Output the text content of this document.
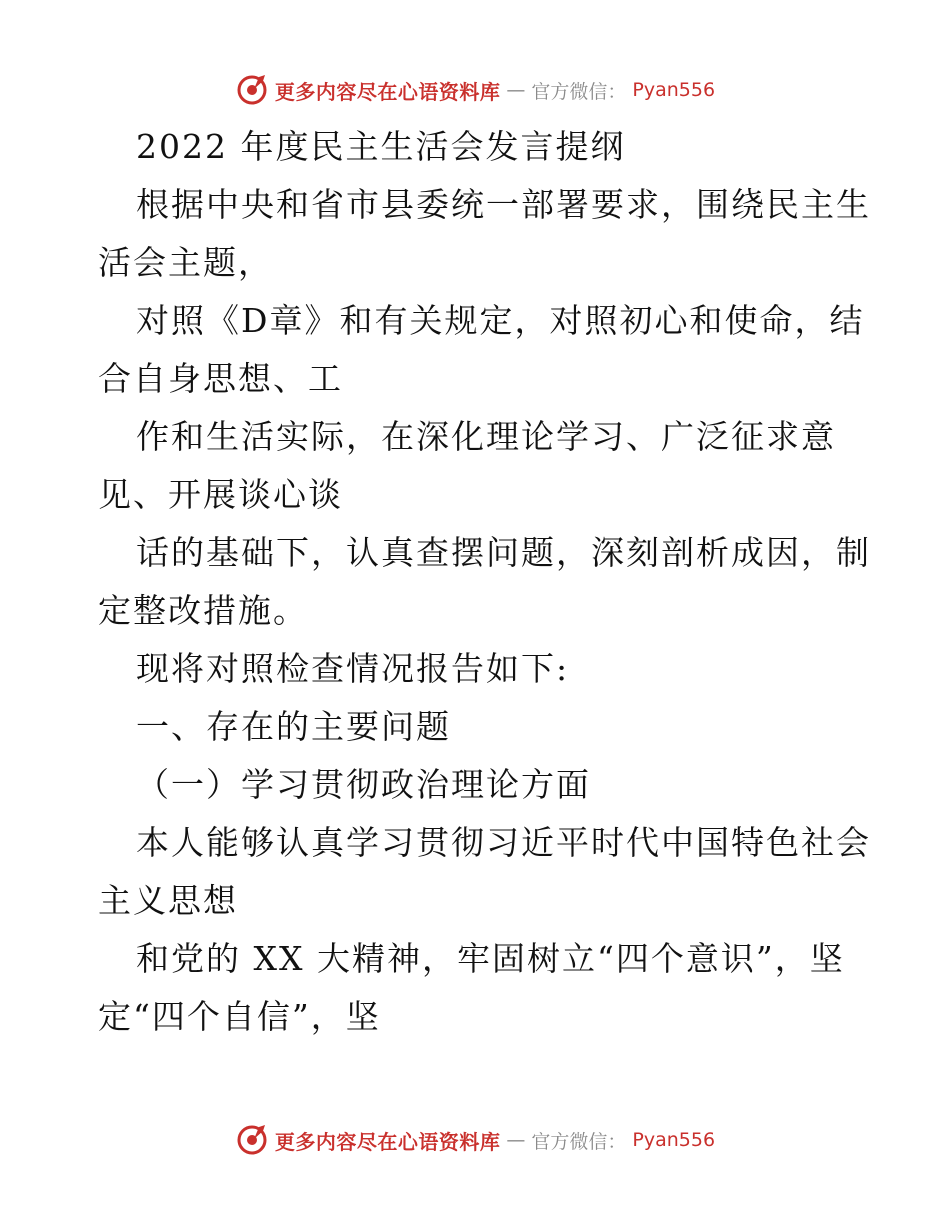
更多内容尽在心语资料库 — 官方微信： Pyan556
2022 年度民主生活会发言提纲
根据中央和省市县委统一部署要求，围绕民主生
活会主题，
对照《D章》和有关规定，对照初心和使命，结
合自身思想、工
作和生活实际，在深化理论学习、广泛征求意
见、开展谈心谈
话的基础下，认真查摆问题，深刻剖析成因，制
定整改措施。
现将对照检查情况报告如下:
一、存在的主要问题
（一）学习贯彻政治理论方面
本人能够认真学习贯彻习近平时代中国特色社会
主义思想
和党的 XX 大精神，牢固树立“四个意识”，坚
定“四个自信”，坚
更多内容尽在心语资料库 — 官方微信： Pyan556
